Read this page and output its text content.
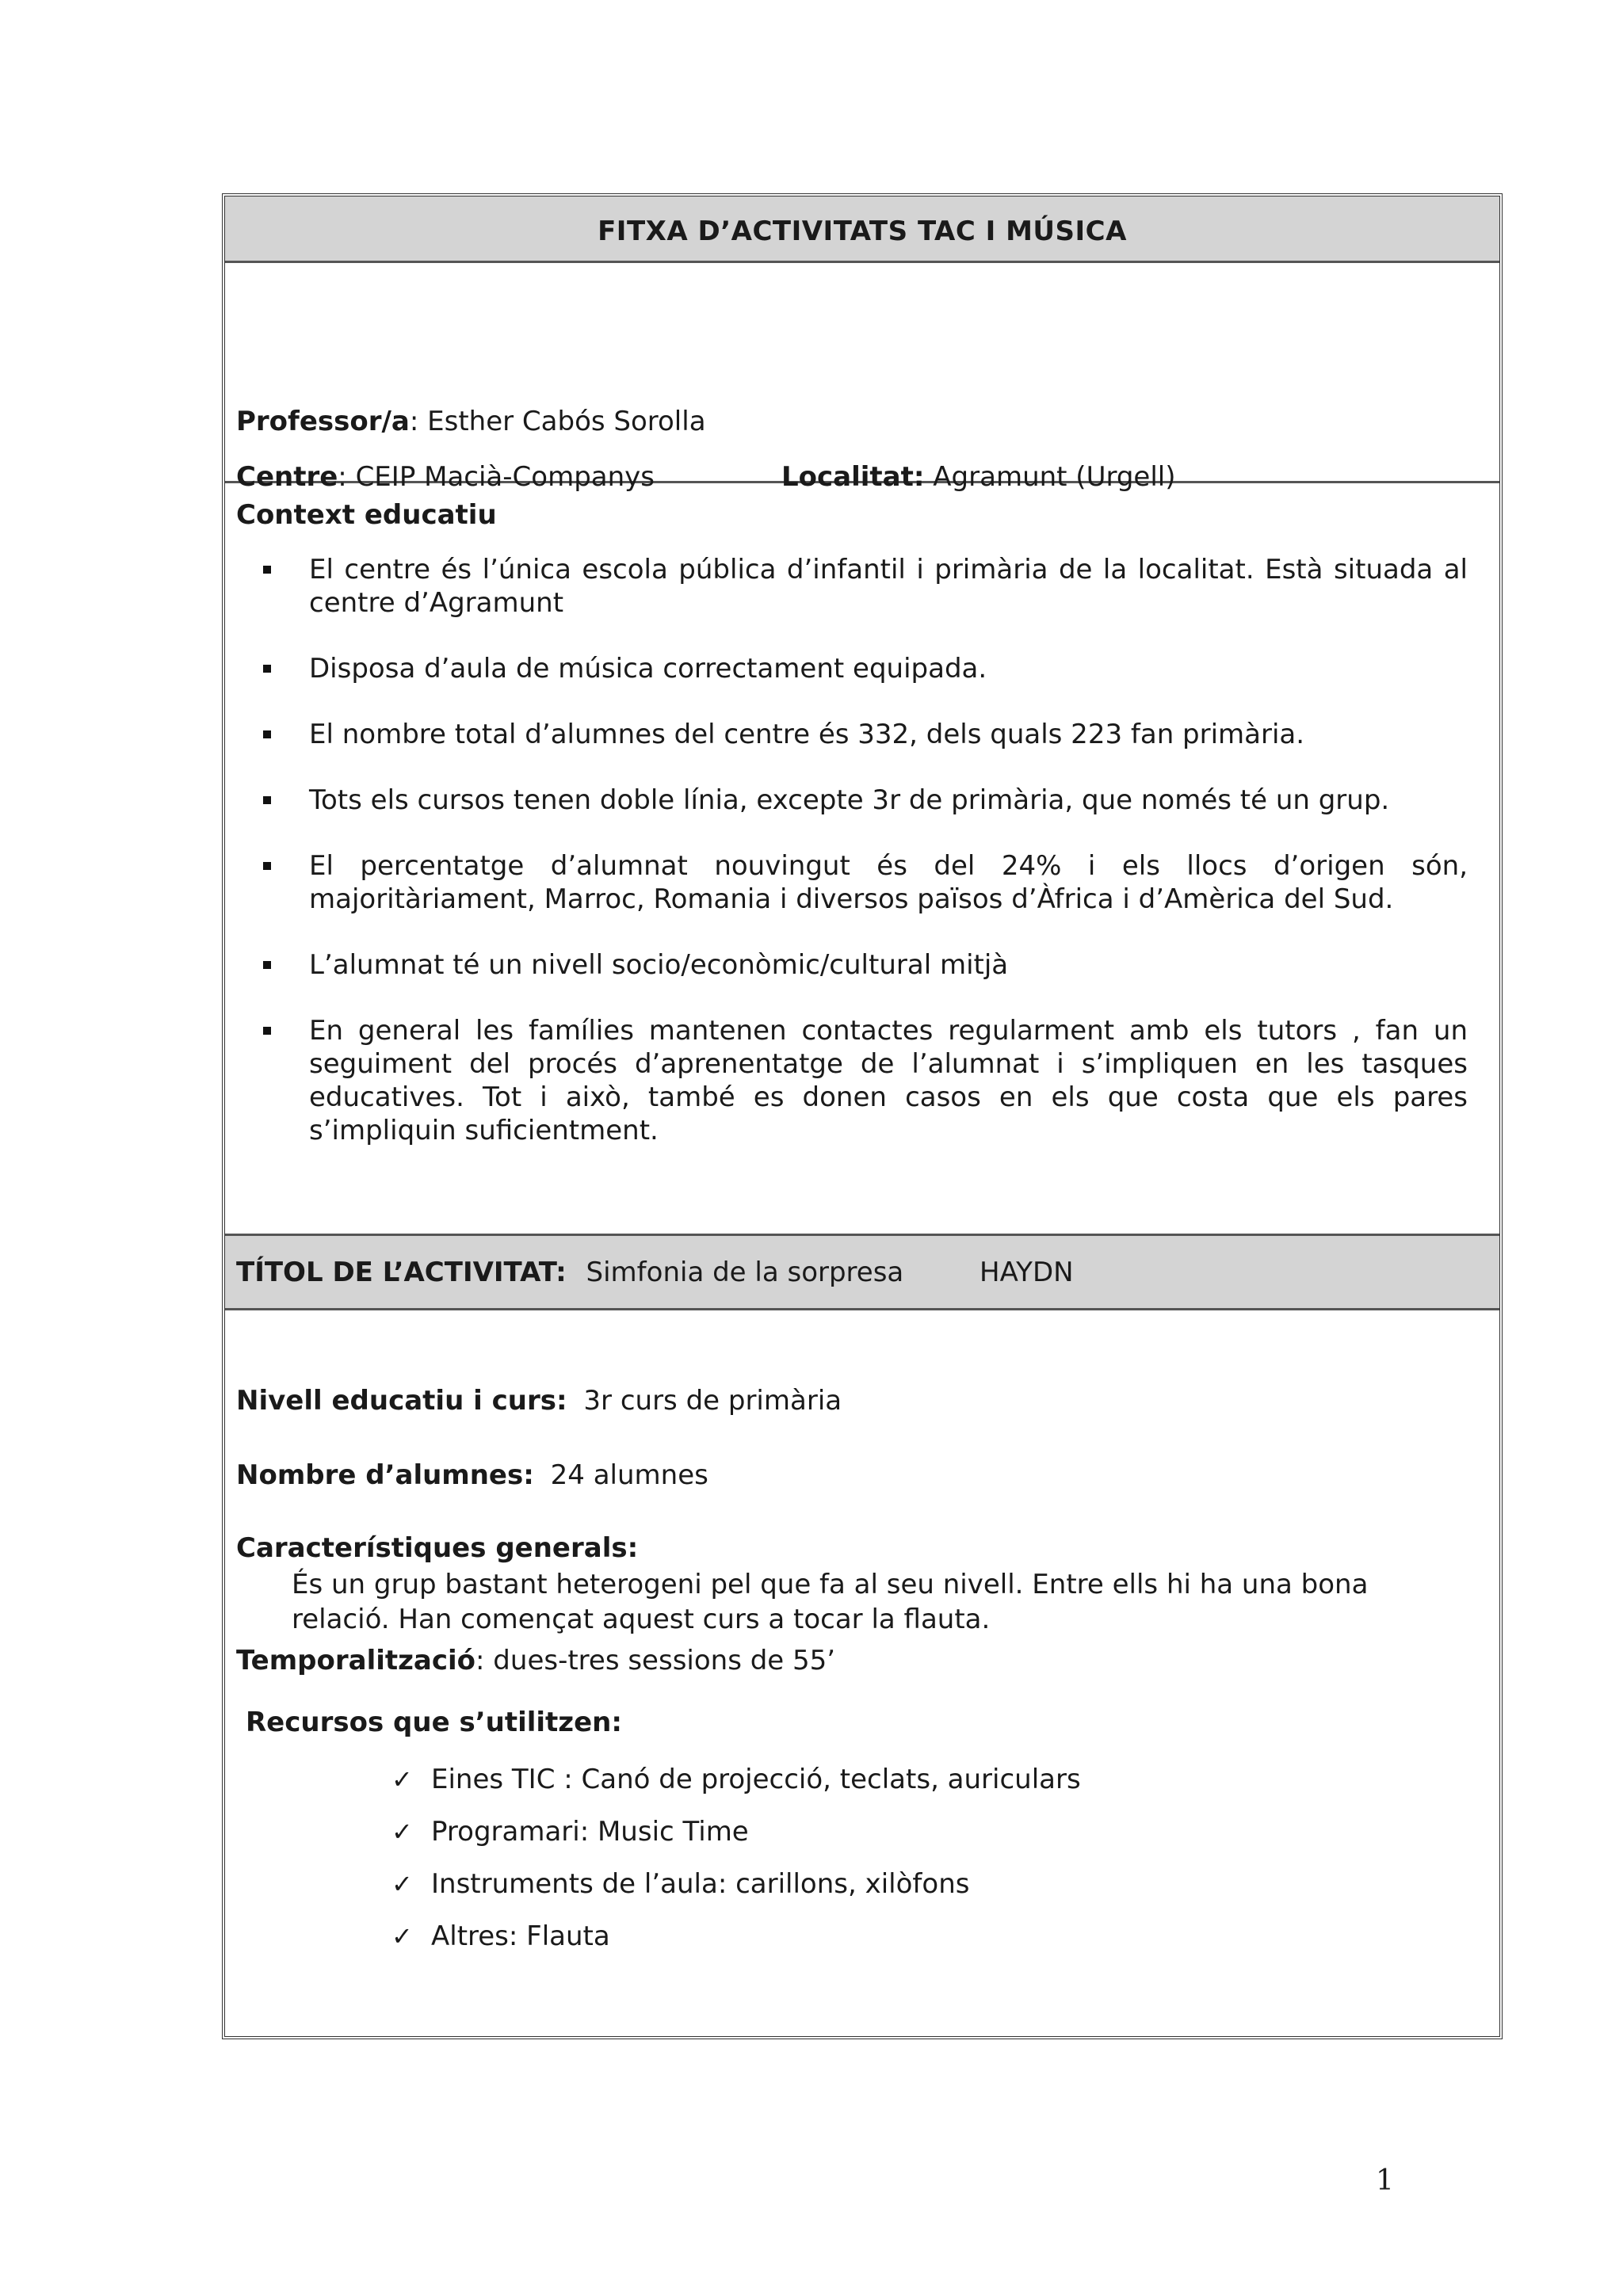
FITXA D’ACTIVITATS TAC I MÚSICA
Professor/a: Esther Cabós Sorolla
Centre: CEIP Macià-Companys	Localitat: Agramunt (Urgell)
Context educatiu
El centre és l’única escola pública d’infantil i primària de la localitat. Està situada al centre d’Agramunt
Disposa d’aula de música correctament equipada.
El nombre total d’alumnes del centre és 332, dels quals 223 fan primària.
Tots els cursos tenen doble línia, excepte 3r de primària, que només té un grup.
El percentatge d’alumnat nouvingut és del 24% i els llocs d’origen són, majoritàriament, Marroc, Romania i diversos països d’Àfrica i d’Amèrica del Sud.
L’alumnat té un nivell socio/econòmic/cultural mitjà
En general les famílies mantenen contactes regularment amb els tutors , fan un seguiment del procés d’aprenentatge de l’alumnat i s’impliquen en les tasques educatives. Tot i això, també es donen casos en els que costa que els pares s’impliquin suficientment.
TÍTOL DE L’ACTIVITAT: Simfonia de la sorpresa	HAYDN
Nivell educatiu i curs: 3r curs de primària
Nombre d’alumnes: 24 alumnes
Característiques generals:
És un grup bastant heterogeni pel que fa al seu nivell. Entre ells hi ha una bona relació. Han començat aquest curs a tocar la flauta.
Temporalització: dues-tres sessions de 55’
Recursos que s’utilitzen:
✓ Eines TIC : Canó de projecció, teclats, auriculars
✓ Programari: Music Time
✓ Instruments de l’aula: carillons, xilòfons
✓ Altres: Flauta
1
